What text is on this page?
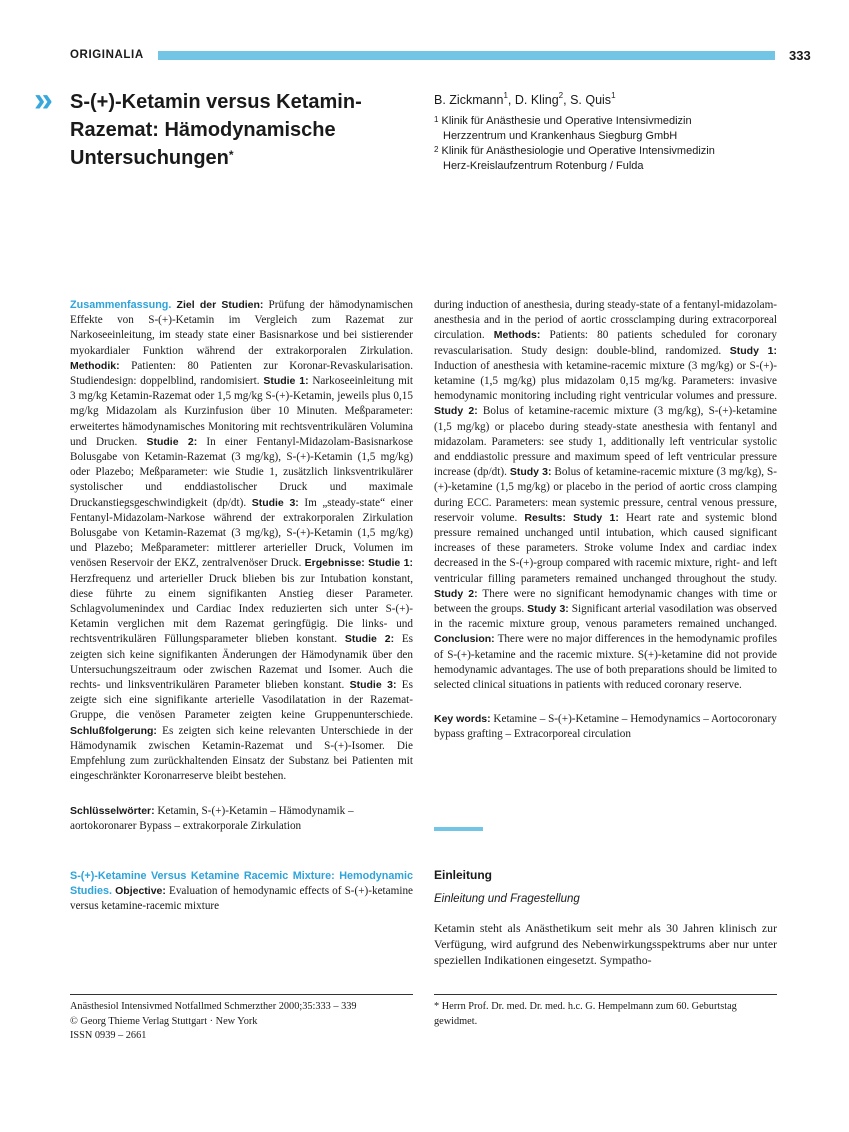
ORIGINALIA	333
» S-(+)-Ketamin versus Ketamin-
Razemat: Hämodynamische
Untersuchungen*
B. Zickmann$^1$, D. Kling$^2$, S. Quis$^1$
$^1$ Klinik für Anästhesie und Operative Intensivmedizin
Herzzentrum und Krankenhaus Siegburg GmbH
$^2$ Klinik für Anästhesiologie und Operative Intensivmedizin
Herz-Kreislaufzentrum Rotenburg / Fulda

Zusammenfassung. Ziel der Studien: Prüfung der hämodynamischen Effekte von S-(+)-Ketamin im Vergleich zum Razemat zur Narkoseeinleitung, im steady state einer Basisnarkose und bei sistierender myokardialer Funktion während der extrakorporalen Zirkulation. Methodik: Patienten: 80 Patienten zur Koronar-Revaskularisation. Studiendesign: doppelblind, randomisiert. Studie 1: Narkoseeinleitung mit 3 mg/kg Ketamin-Razemat oder 1,5 mg/kg S-(+)-Ketamin, jeweils plus 0,15 mg/kg Midazolam als Kurzinfusion über 10 Minuten. Meßparameter: erweitertes hämodynamisches Monitoring mit rechtsventrikulären Volumina und Drucken. Studie 2: In einer Fentanyl-Midazolam-Basisnarkose Bolusgabe von Ketamin-Razemat (3 mg/kg), S-(+)-Ketamin (1,5 mg/kg) oder Plazebo; Meßparameter: wie Studie 1, zusätzlich linksventrikulärer systolischer und enddiastolischer Druck und maximale Druckanstiegsgeschwindigkeit (dp/dt). Studie 3: Im „steady-state“ einer Fentanyl-Midazolam-Narkose während der extrakorporalen Zirkulation Bolusgabe von Ketamin-Razemat (3 mg/kg), S-(+)-Ketamin (1,5 mg/kg) und Plazebo; Meßparameter: mittlerer arterieller Druck, Volumen im venösen Reservoir der EKZ, zentralvenöser Druck. Ergebnisse: Studie 1: Herzfrequenz und arterieller Druck blieben bis zur Intubation konstant, diese führte zu einem signifikanten Anstieg dieser Parameter. Schlagvolumenindex und Cardiac Index reduzierten sich unter S-(+)-Ketamin verglichen mit dem Razemat geringfügig. Die links- und rechtsventrikulären Füllungsparameter blieben konstant. Studie 2: Es zeigten sich keine signifikanten Änderungen der Hämodynamik über den Untersuchungszeitraum oder zwischen Razemat und Isomer. Auch die rechts- und linksventrikulären Parameter blieben konstant. Studie 3: Es zeigte sich eine signifikante arterielle Vasodilatation in der Razemat-Gruppe, die venösen Parameter zeigten keine Gruppenunterschiede. Schlußfolgerung: Es zeigten sich keine relevanten Unterschiede in der Hämodynamik zwischen Ketamin-Razemat und S-(+)-Isomer. Die Empfehlung zum zurückhaltenden Einsatz der Substanz bei Patienten mit eingeschränkter Koronarreserve bleibt bestehen.

Schlüsselwörter: Ketamin, S-(+)-Ketamin – Hämodynamik – aortokoronarer Bypass – extrakorporale Zirkulation

S-(+)-Ketamine Versus Ketamine Racemic Mixture: Hemodynamic Studies. Objective: Evaluation of hemodynamic effects of S-(+)-ketamine versus ketamine-racemic mixture

during induction of anesthesia, during steady-state of a fentanyl-midazolam-anesthesia and in the period of aortic crossclamping during extracorporeal circulation. Methods: Patients: 80 patients scheduled for coronary revascularisation. Study design: double-blind, randomized. Study 1: Induction of anesthesia with ketamine-racemic mixture (3 mg/kg) or S-(+)-ketamine (1,5 mg/kg) plus midazolam 0,15 mg/kg. Parameters: invasive hemodynamic monitoring including right ventricular volumes and pressure. Study 2: Bolus of ketamine-racemic mixture (3 mg/kg), S-(+)-ketamine (1,5 mg/kg) or placebo during steady-state anesthesia with fentanyl and midazolam. Parameters: see study 1, additionally left ventricular systolic and enddiastolic pressure and maximum speed of left ventricular pressure increase (dp/dt). Study 3: Bolus of ketamine-racemic mixture (3 mg/kg), S-(+)-ketamine (1,5 mg/kg) or placebo in the period of aortic cross clamping during ECC. Parameters: mean systemic pressure, central venous pressure, reservoir volume. Results: Study 1: Heart rate and systemic blond pressure remained unchanged until intubation, which caused significant increases of these parameters. Stroke volume Index and cardiac index decreased in the S-(+)-group compared with racemic mixture, right- and left ventricular filling parameters remained unchanged throughout the study. Study 2: There were no significant hemodynamic changes with time or between the groups. Study 3: Significant arterial vasodilation was observed in the racemic mixture group, venous parameters remained unchanged. Conclusion: There were no major differences in the hemodynamic profiles of S-(+)-ketamine and the racemic mixture. S(+)-ketamine did not provide hemodynamic advantages. The use of both preparations should be limited to selected clinical situations in patients with reduced coronary reserve.

Key words: Ketamine – S-(+)-Ketamine – Hemodynamics – Aortocoronary bypass grafting – Extracorporeal circulation

Einleitung
Einleitung und Fragestellung
Ketamin steht als Anästhetikum seit mehr als 30 Jahren klinisch zur Verfügung, wird aufgrund des Nebenwirkungsspektrums aber nur unter speziellen Indikationen eingesetzt. Sympatho-
Anästhesiol Intensivmed Notfallmed Schmerzther 2000;35:333 – 339
© Georg Thieme Verlag Stuttgart · New York
ISSN 0939 – 2661
* Herrn Prof. Dr. med. Dr. med. h.c. G. Hempelmann zum 60. Geburtstag gewidmet.
